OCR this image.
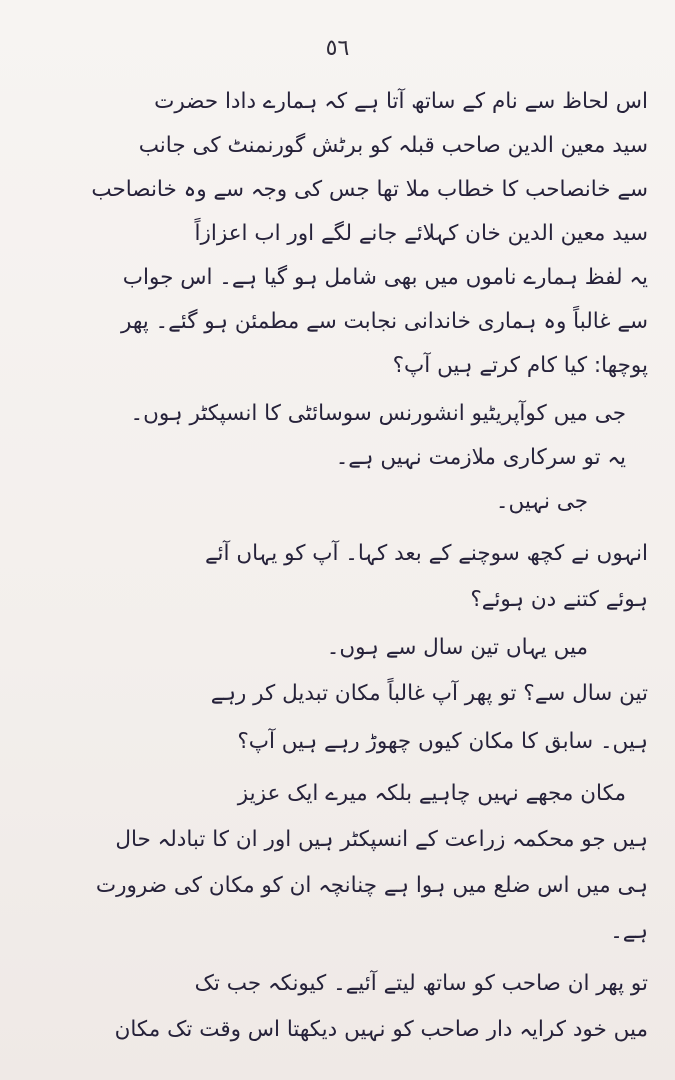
٥٦
اس لحاظ سے نام کے ساتھ آتا ہے کہ ہمارے دادا حضرت
سید معین الدین صاحب قبلہ کو برٹش گورنمنٹ کی جانب
سے خانصاحب کا خطاب ملا تھا جس کی وجہ سے وہ خانصاحب
سید معین الدین خان کہلائے جانے لگے اور اب اعزازاً
یہ لفظ ہمارے ناموں میں بھی شامل ہو گیا ہے۔ اس جواب
سے غالباً وہ ہماری خاندانی نجابت سے مطمئن ہو گئے۔ پھر
پوچھا: کیا کام کرتے ہیں آپ؟
جی میں کوآپریٹیو انشورنس سوسائٹی کا انسپکٹر ہوں۔
یہ تو سرکاری ملازمت نہیں ہے۔
جی نہیں۔
انہوں نے کچھ سوچنے کے بعد کہا۔ آپ کو یہاں آئے
ہوئے کتنے دن ہوئے؟
میں یہاں تین سال سے ہوں۔
تین سال سے؟ تو پھر آپ غالباً مکان تبدیل کر رہے
ہیں۔ سابق کا مکان کیوں چھوڑ رہے ہیں آپ؟
مکان مجھے نہیں چاہیے بلکہ میرے ایک عزیز
ہیں جو محکمہ زراعت کے انسپکٹر ہیں اور ان کا تبادلہ حال
ہی میں اس ضلع میں ہوا ہے چنانچہ ان کو مکان کی ضرورت
ہے۔
تو پھر ان صاحب کو ساتھ لیتے آئیے۔ کیونکہ جب تک
میں خود کرایہ دار صاحب کو نہیں دیکھتا اس وقت تک مکان
